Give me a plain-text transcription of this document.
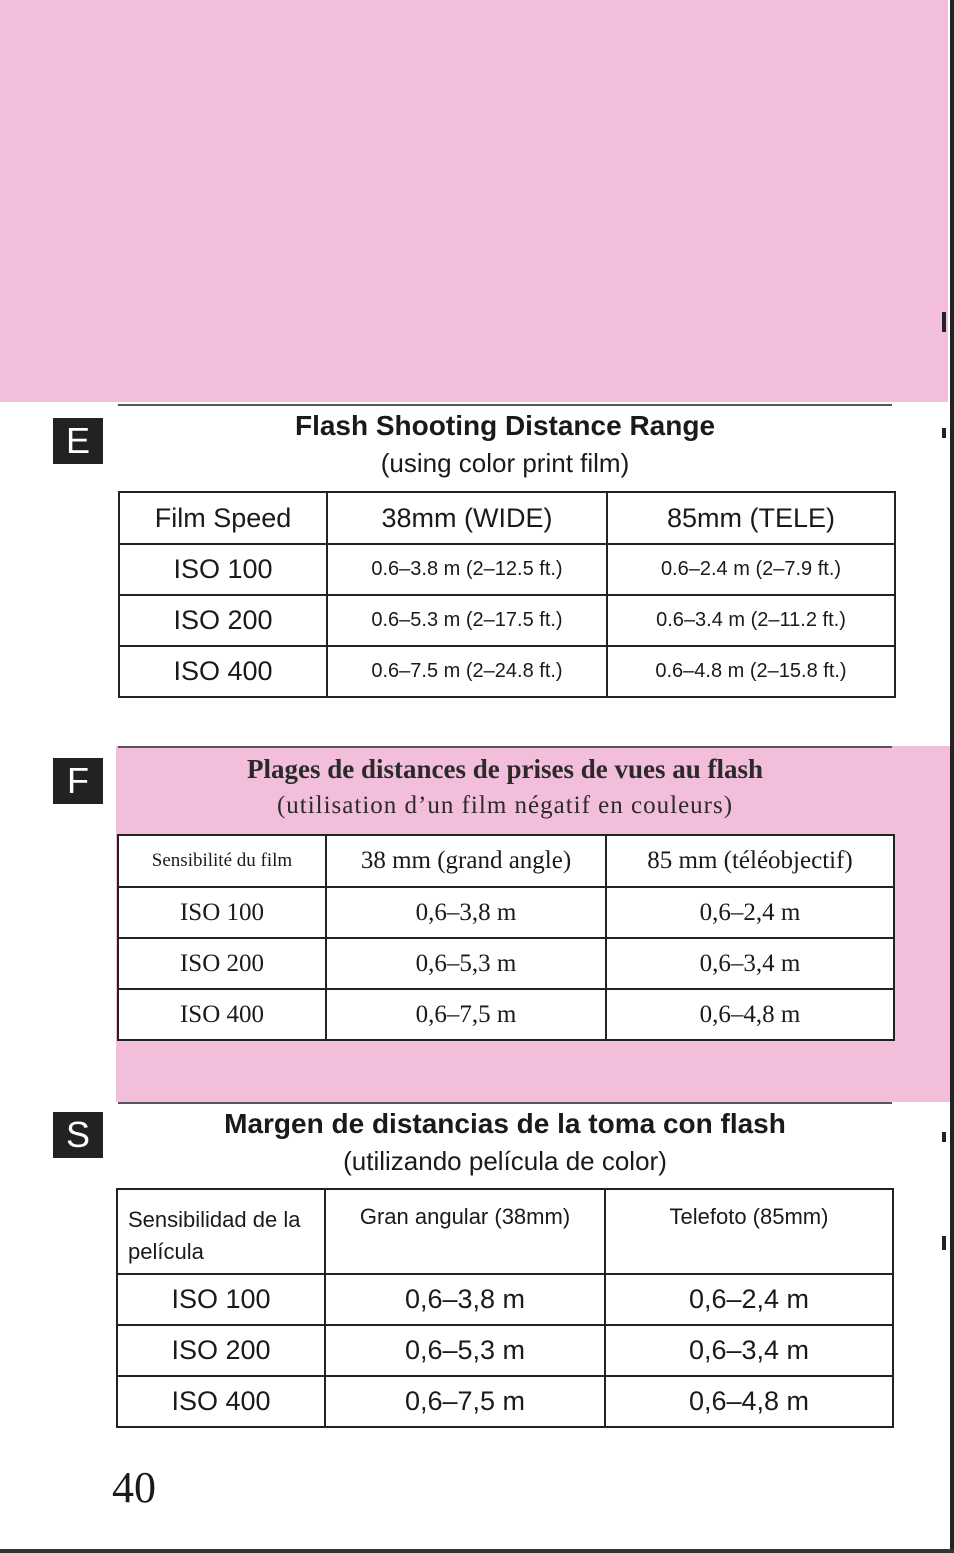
E	Flash Shooting Distance Range
(using color print film)
Film Speed	38mm (WIDE)	85mm (TELE)
ISO 100	0.6–3.8 m (2–12.5 ft.)	0.6–2.4 m (2–7.9 ft.)
ISO 200	0.6–5.3 m (2–17.5 ft.)	0.6–3.4 m (2–11.2 ft.)
ISO 400	0.6–7.5 m (2–24.8 ft.)	0.6–4.8 m (2–15.8 ft.)
F	Plages de distances de prises de vues au flash
(utilisation d’un film négatif en couleurs)
Sensibilité du film	38 mm (grand angle)	85 mm (téléobjectif)
ISO 100	0,6–3,8 m	0,6–2,4 m
ISO 200	0,6–5,3 m	0,6–3,4 m
ISO 400	0,6–7,5 m	0,6–4,8 m
S	Margen de distancias de la toma con flash
(utilizando película de color)
Sensibilidad de la película	Gran angular (38mm)	Telefoto (85mm)
ISO 100	0,6–3,8 m	0,6–2,4 m
ISO 200	0,6–5,3 m	0,6–3,4 m
ISO 400	0,6–7,5 m	0,6–4,8 m
40
